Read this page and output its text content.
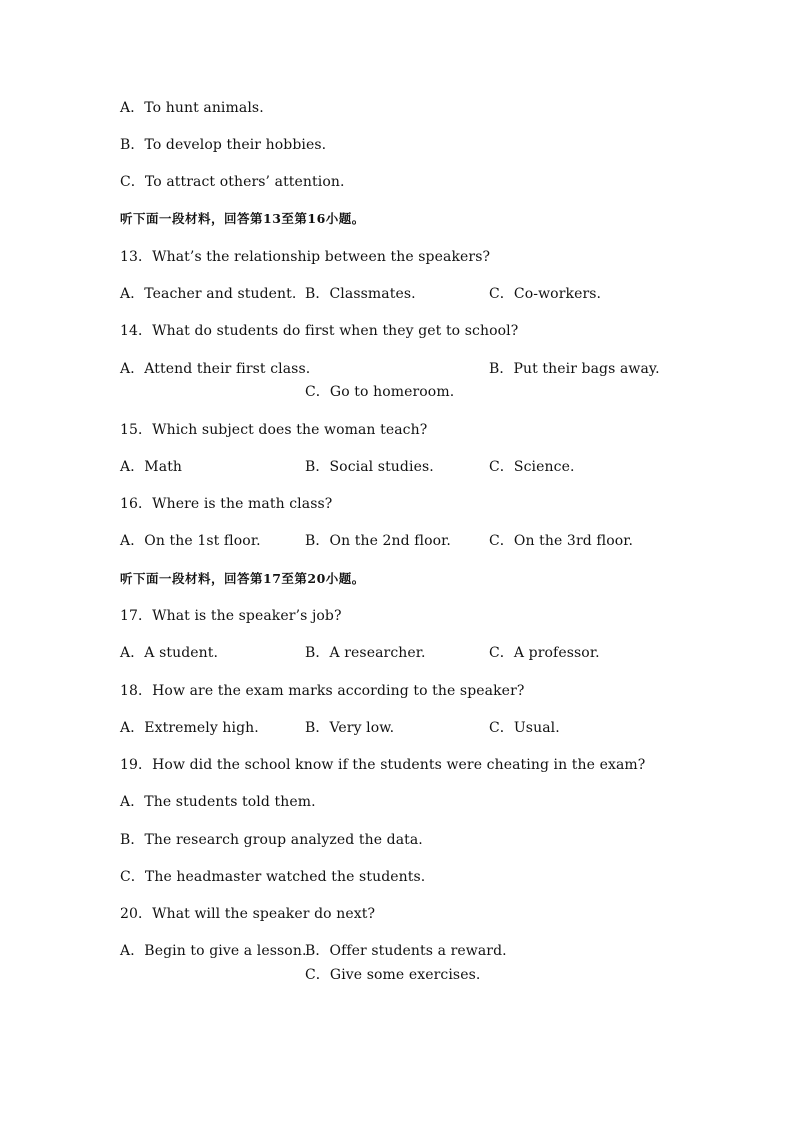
A．To hunt animals.
B．To develop their hobbies.
C．To attract others’ attention.
听下面一段材料，回答第13至第16小题。
13．What’s the relationship between the speakers?
A．Teacher and student. B．Classmates.	C．Co-workers.
14．What do students do first when they get to school?
A．Attend their first class.	B．Put their bags away.
C．Go to homeroom.
15．Which subject does the woman teach?
A．Math	B．Social studies.	C．Science.
16．Where is the math class?
A．On the 1st floor.	B．On the 2nd floor.	C．On the 3rd floor.
听下面一段材料，回答第17至第20小题。
17．What is the speaker’s job?
A．A student.	B．A researcher.	C．A professor.
18．How are the exam marks according to the speaker?
A．Extremely high.	B．Very low.	C．Usual.
19．How did the school know if the students were cheating in the exam?
A．The students told them.
B．The research group analyzed the data.
C．The headmaster watched the students.
20．What will the speaker do next?
A．Begin to give a lesson.
B．Offer students a reward.
C．Give some exercises.
